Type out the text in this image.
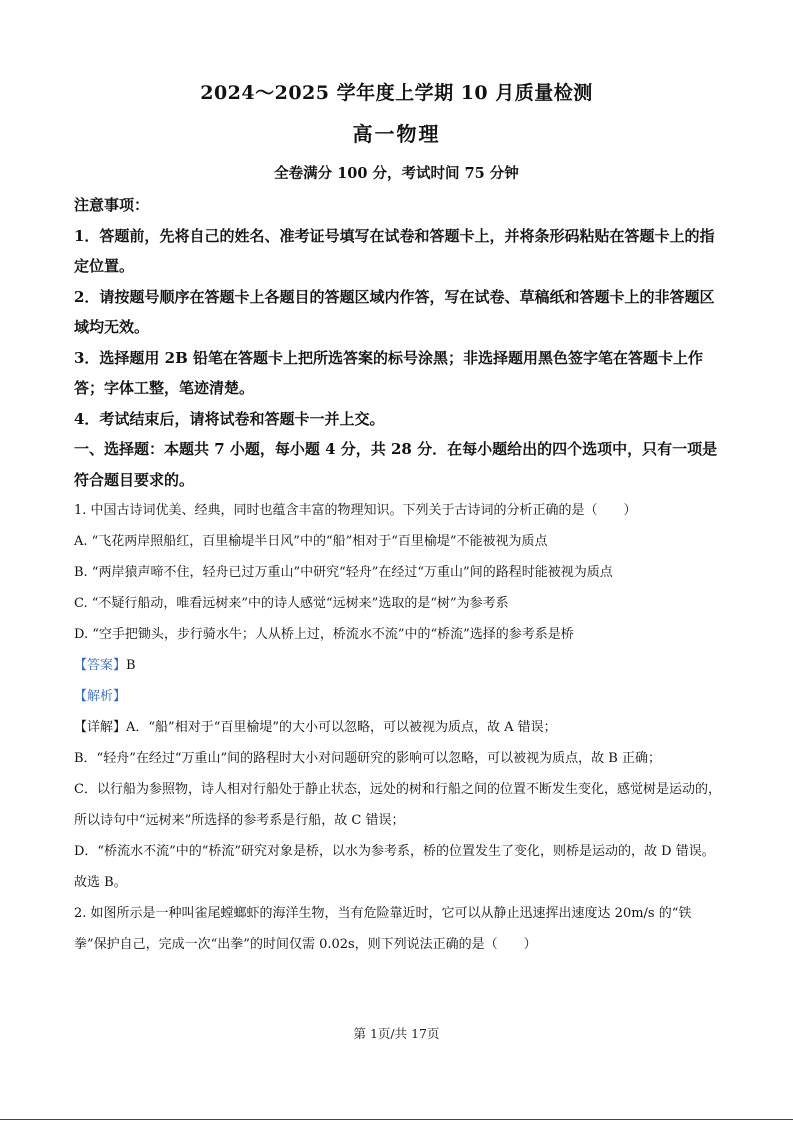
2024～2025 学年度上学期 10 月质量检测
高一物理
全卷满分 100 分，考试时间 75 分钟

注意事项：

1．答题前，先将自己的姓名、准考证号填写在试卷和答题卡上，并将条形码粘贴在答题卡上的指定位置。

2．请按题号顺序在答题卡上各题目的答题区域内作答，写在试卷、草稿纸和答题卡上的非答题区域均无效。

3．选择题用 2B 铅笔在答题卡上把所选答案的标号涂黑；非选择题用黑色签字笔在答题卡上作答；字体工整，笔迹清楚。

4．考试结束后，请将试卷和答题卡一并上交。

一、选择题：本题共 7 小题，每小题 4 分，共 28 分．在每小题给出的四个选项中，只有一项是符合题目要求的。

1. 中国古诗词优美、经典，同时也蕴含丰富的物理知识。下列关于古诗词的分析正确的是（　　）

A. “飞花两岸照船红，百里榆堤半日风”中的“船”相对于“百里榆堤”不能被视为质点

B. “两岸猿声啼不住，轻舟已过万重山”中研究“轻舟”在经过“万重山”间的路程时能被视为质点

C. “不疑行船动，唯看远树来”中的诗人感觉“远树来”选取的是“树”为参考系

D. “空手把锄头，步行骑水牛；人从桥上过，桥流水不流”中的“桥流”选择的参考系是桥

【答案】B

【解析】

【详解】A．“船”相对于“百里榆堤”的大小可以忽略，可以被视为质点，故 A 错误；

B．“轻舟”在经过“万重山”间的路程时大小对问题研究的影响可以忽略，可以被视为质点，故 B 正确；

C．以行船为参照物，诗人相对行船处于静止状态，远处的树和行船之间的位置不断发生变化，感觉树是运动的，所以诗句中“远树来”所选择的参考系是行船，故 C 错误；

D．“桥流水不流”中的“桥流”研究对象是桥，以水为参考系，桥的位置发生了变化，则桥是运动的，故 D 错误。

故选 B。

2. 如图所示是一种叫雀尾螳螂虾的海洋生物，当有危险靠近时，它可以从静止迅速挥出速度达 20m/s 的“铁拳”保护自己，完成一次“出拳”的时间仅需 0.02s，则下列说法正确的是（　　）

第 1页/共 17页
